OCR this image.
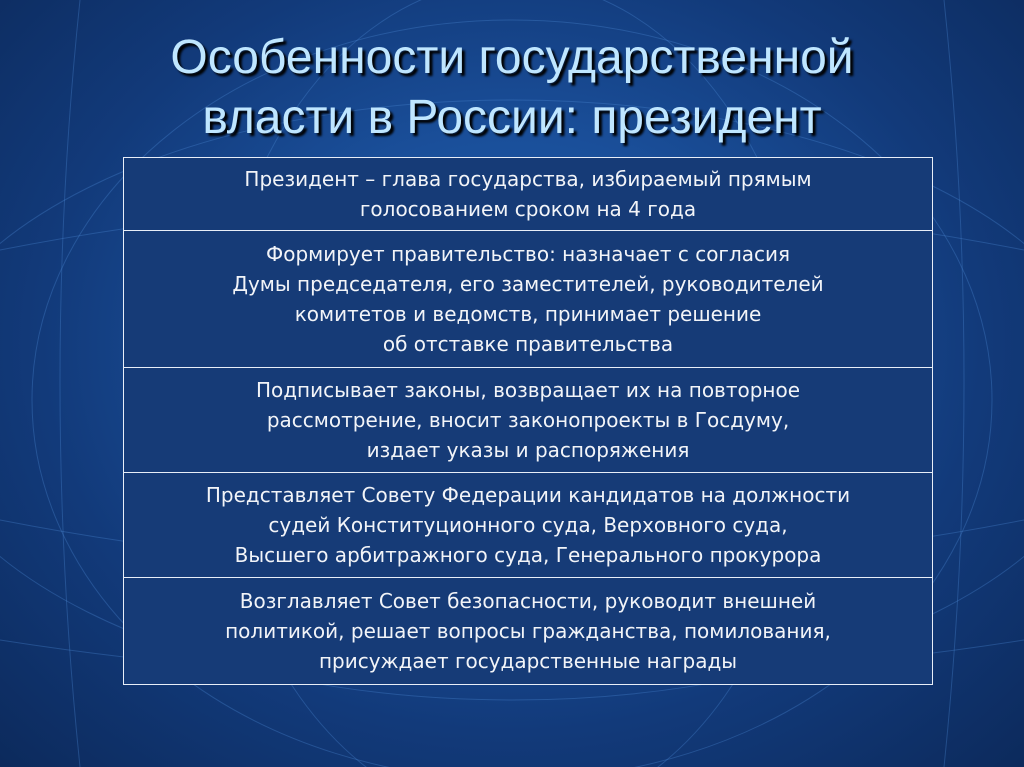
Особенности государственной
власти в России: президент
Президент – глава государства, избираемый прямым
голосованием сроком на 4 года
Формирует правительство: назначает с согласия
Думы председателя, его заместителей, руководителей
комитетов и ведомств, принимает решение
об отставке правительства
Подписывает законы, возвращает их на повторное
рассмотрение, вносит законопроекты в Госдуму,
издает указы и распоряжения
Представляет Совету Федерации кандидатов на должности
судей Конституционного суда, Верховного суда,
Высшего арбитражного суда, Генерального прокурора
Возглавляет Совет безопасности, руководит внешней
политикой, решает вопросы гражданства, помилования,
присуждает государственные награды
